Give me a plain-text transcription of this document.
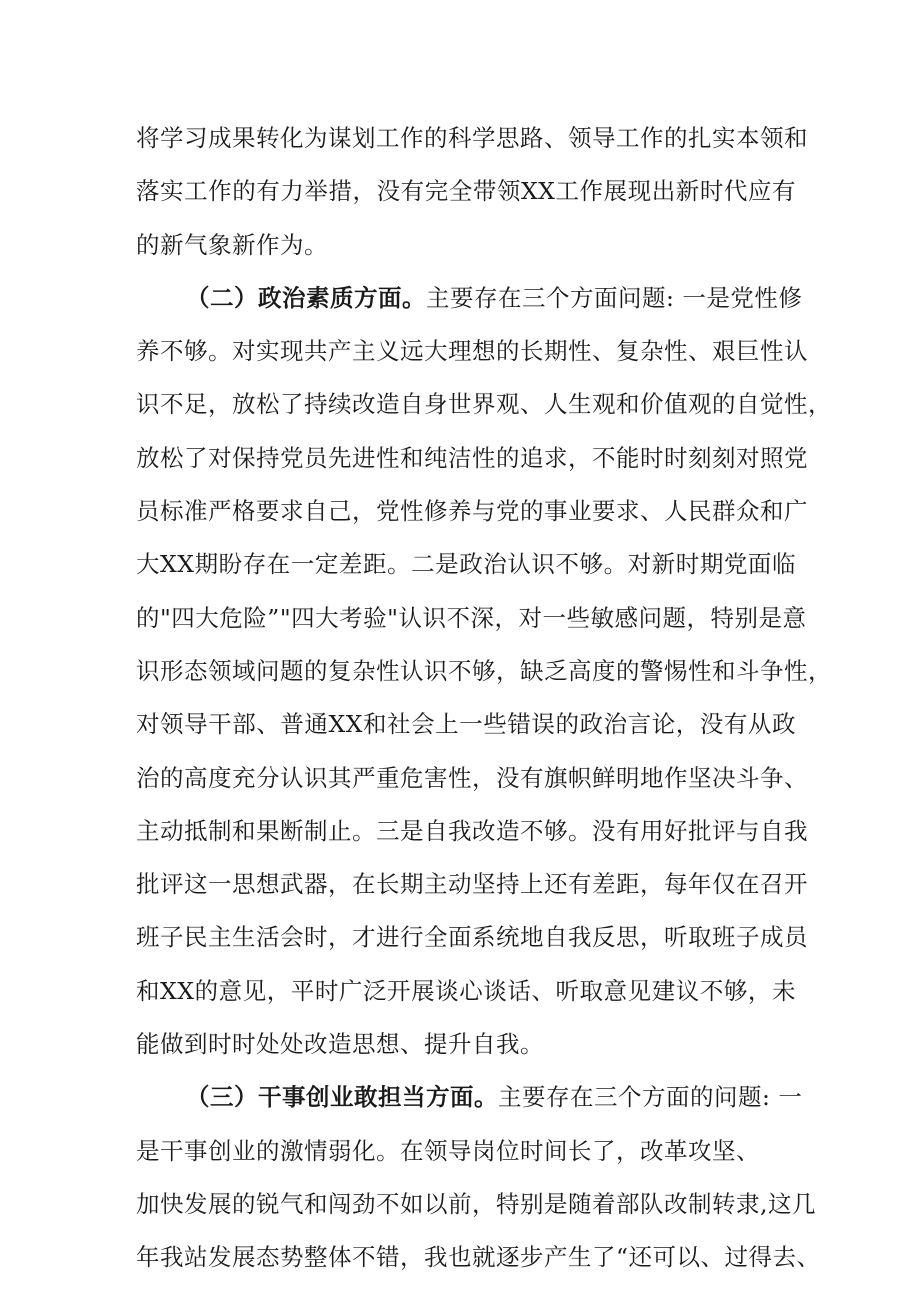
将学习成果转化为谋划工作的科学思路、领导工作的扎实本领和
落实工作的有力举措，没有完全带领XX工作展现出新时代应有
的新气象新作为。
（二）政治素质方面。主要存在三个方面问题: 一是党性修
养不够。对实现共产主义远大理想的长期性、复杂性、艰巨性认
识不足，放松了持续改造自身世界观、人生观和价值观的自觉性，
放松了对保持党员先进性和纯洁性的追求，不能时时刻刻对照党
员标准严格要求自己，党性修养与党的事业要求、人民群众和广
大XX期盼存在一定差距。二是政治认识不够。对新时期党面临
的"四大危险”"四大考验"认识不深，对一些敏感问题，特别是意
识形态领域问题的复杂性认识不够，缺乏高度的警惕性和斗争性，
对领导干部、普通XX和社会上一些错误的政治言论，没有从政
治的高度充分认识其严重危害性，没有旗帜鲜明地作坚决斗争、
主动抵制和果断制止。三是自我改造不够。没有用好批评与自我
批评这一思想武器，在长期主动坚持上还有差距，每年仅在召开
班子民主生活会时，才进行全面系统地自我反思，听取班子成员
和XX的意见，平时广泛开展谈心谈话、听取意见建议不够，未
能做到时时处处改造思想、提升自我。
（三）干事创业敢担当方面。主要存在三个方面的问题: 一
是干事创业的激情弱化。在领导岗位时间长了，改革攻坚、
加快发展的锐气和闯劲不如以前，特别是随着部队改制转隶,这几
年我站发展态势整体不错，我也就逐步产生了“还可以、过得去、
